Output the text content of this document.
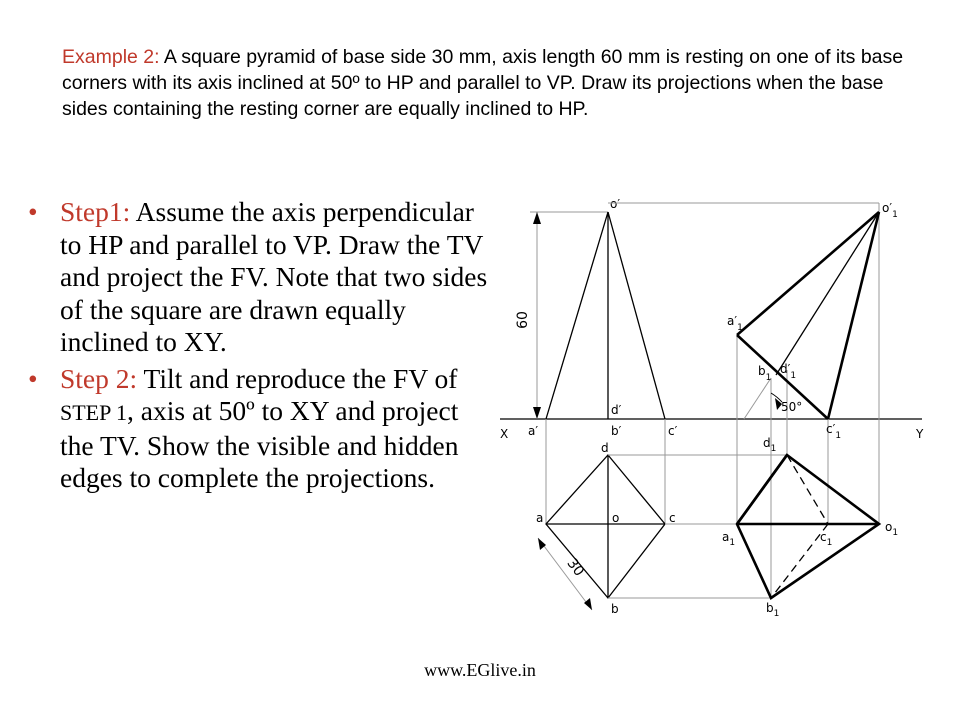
Example 2: A square pyramid of base side 30 mm, axis length 60 mm is resting on one of its base corners with its axis inclined at 50º to HP and parallel to VP. Draw its projections when the base sides containing the resting corner are equally inclined to HP.
• Step1: Assume the axis perpendicular to HP and parallel to VP. Draw the TV and project the FV. Note that two sides of the square are drawn equally inclined to XY.
• Step 2: Tilt and reproduce the FV of STEP 1, axis at 50º to XY and project the TV. Show the visible and hidden edges to complete the projections.
X	Y
60
o′
a′
d′
b′	c′
30
d
a	o	c
b
50°
$o'_1$
$a'_1$
$b_1$
$d'_1$
$c'_1$
$d_1$
$a_1$	$c_1$
$o_1$
$b_1$
www.EGlive.in
